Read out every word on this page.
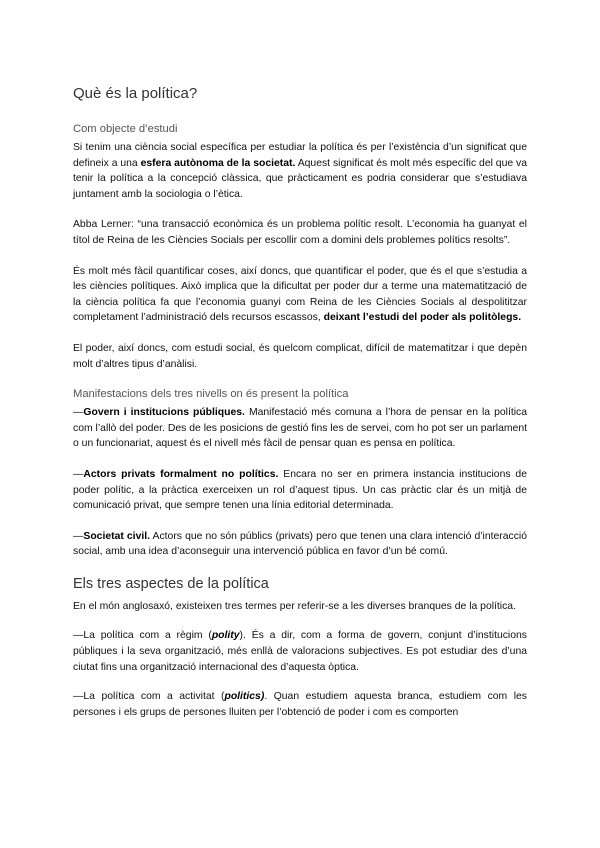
Què és la política?
Com objecte d’estudi

Si tenim una ciència social específica per estudiar la política és per l’existència d’un significat que defineix a una esfera autònoma de la societat. Aquest significat és molt més específic del que va tenir la política a la concepció clàssica, que pràcticament es podria considerar que s’estudiava juntament amb la sociologia o l’ètica.

Abba Lerner: “una transacció econòmica és un problema polític resolt. L’economia ha guanyat el títol de Reina de les Ciències Socials per escollir com a domini dels problemes polítics resolts”.

És molt més fàcil quantificar coses, així doncs, que quantificar el poder, que és el que s’estudia a les ciències polítiques. Això implica que la dificultat per poder dur a terme una matematització de la ciència política fa que l’economia guanyi com Reina de les Ciències Socials al despolititzar completament l’administració dels recursos escassos, deixant l’estudi del poder als politòlegs.

El poder, així doncs, com estudi social, és quelcom complicat, difícil de matematitzar i que depèn molt d’altres tipus d’anàlisi.

Manifestacions dels tres nivells on és present la política

—Govern i institucions públiques. Manifestació més comuna a l’hora de pensar en la política com l’allò del poder. Des de les posicions de gestió fins les de servei, com ho pot ser un parlament o un funcionariat, aquest és el nivell més fàcil de pensar quan es pensa en política.

—Actors privats formalment no polítics. Encara no ser en primera instancia institucions de poder polític, a la pràctica exerceixen un rol d’aquest tipus. Un cas pràctic clar és un mitjà de comunicació privat, que sempre tenen una línia editorial determinada.

—Societat civil. Actors que no són públics (privats) pero que tenen una clara intenció d’interacció social, amb una idea d’aconseguir una intervenció pública en favor d’un bé comú.

Els tres aspectes de la política

En el món anglosaxó, existeixen tres termes per referir-se a les diverses branques de la política.

—La política com a règim (polity). És a dir, com a forma de govern, conjunt d’institucions públiques i la seva organització, més enllà de valoracions subjectives. Es pot estudiar des d’una ciutat fins una organització internacional des d’aquesta òptica.

—La política com a activitat (politics). Quan estudiem aquesta branca, estudiem com les persones i els grups de persones lluiten per l’obtenció de poder i com es comporten
